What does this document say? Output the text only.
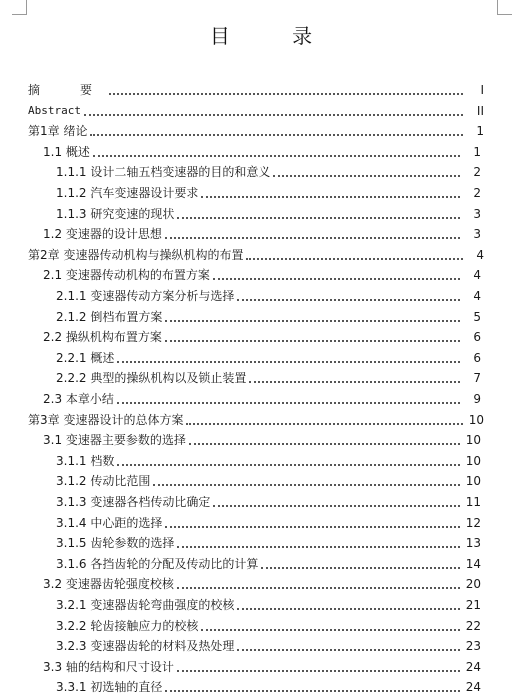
目 录
摘　要	I
Abstract	II
第1章 绪论	1
1.1 概述	1
1.1.1 设计二轴五档变速器的目的和意义	2
1.1.2 汽车变速器设计要求	2
1.1.3 研究变速的现状	3
1.2 变速器的设计思想	3
第2章 变速器传动机构与操纵机构的布置	4
2.1 变速器传动机构的布置方案	4
2.1.1 变速器传动方案分析与选择	4
2.1.2 倒档布置方案	5
2.2 操纵机构布置方案	6
2.2.1 概述	6
2.2.2 典型的操纵机构以及锁止装置	7
2.3 本章小结	9
第3章 变速器设计的总体方案	10
3.1 变速器主要参数的选择	10
3.1.1 档数	10
3.1.2 传动比范围	10
3.1.3 变速器各档传动比确定	11
3.1.4 中心距的选择	12
3.1.5 齿轮参数的选择	13
3.1.6 各挡齿轮的分配及传动比的计算	14
3.2 变速器齿轮强度校核	20
3.2.1 变速器齿轮弯曲强度的校核	21
3.2.2 轮齿接触应力的校核	22
3.2.3 变速器齿轮的材料及热处理	23
3.3 轴的结构和尺寸设计	24
3.3.1 初选轴的直径	24
